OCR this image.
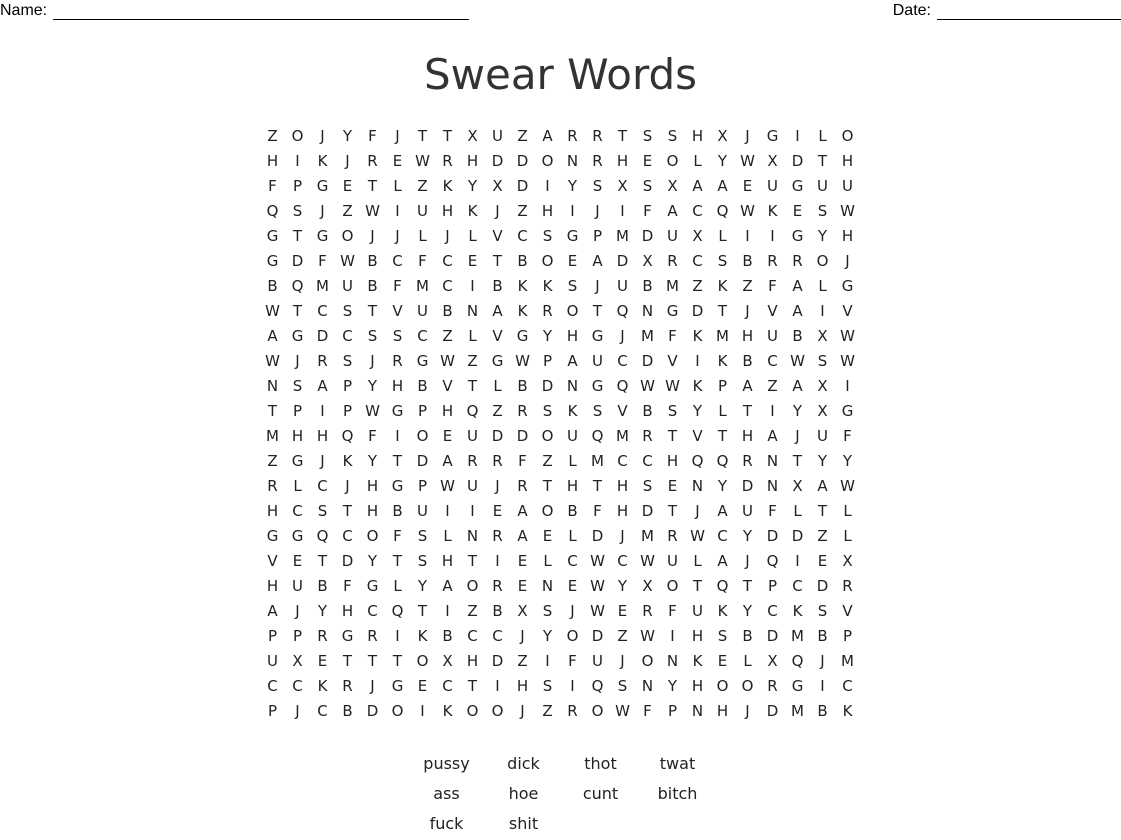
Name:	Date:
Swear Words
Z O	J	Y	F	J	T	T	X U Z A R R	T	S	S H X	J	G	I	L O
H	I	K	J	R	E W R H D D O N R H E O L	Y W X D T H
F	P G E	T	L	Z K	Y	X D	I	Y	S	X	S	X A A	E U G U U
Q S	J	Z W	I	U H K	J	Z H	I	J	I	F	A C Q W K	E	S W
G T G O	J	J	L	J	L	V C	S G P M D U X	L	I	I	G Y H
G D F W B C	F	C	E	T	B O E	A D X R C	S	B R R O	J
B Q M U B	F M C	I	B K	K	S	J	U B M Z K Z	F	A	L	G
W T	C	S	T	V U B N A K R O T Q N G D T	J	V A	I	V
A G D C	S	S C Z	L	V G Y H G	J	M F	K M H U B X W
W	J	R	S	J	R G W Z G W P	A U C D V	I	K B C W S W
N S	A	P	Y H B V	T	L	B D N G Q W W K	P	A Z A X	I
T	P	I	P W G P H Q Z R	S	K	S	V B	S	Y	L	T	I	Y	X G
M H H Q F	I	O E U D D O U Q M R	T	V	T H A	J	U	F
Z G	J	K	Y	T D A R R	F	Z	L M C C H Q Q R N T	Y	Y
R	L	C	J	H G P W U	J	R	T H T H S	E N Y D N X A W
H C	S	T H B U	I	I	E	A O B	F	H D T	J	A U	F	L	T	L
G G Q C O F	S	L	N R A	E	L	D	J	M R W C	Y D D Z	L
V	E	T D Y	T	S H T	I	E	L	C W C W U	L	A	J	Q	I	E	X
H U B	F G	L	Y	A O R	E N E W Y	X O T Q T	P	C D R
A	J	Y H C Q T	I	Z B X	S	J	W E	R	F	U K	Y	C K	S	V
P	P	R G R	I	K B C C	J	Y O D Z W	I	H S	B D M B	P
U X	E	T	T	T O X H D Z	I	F	U	J	O N K	E	L	X Q	J	M
C C K R	J	G E	C	T	I	H S	I	Q S N Y H O O R G	I	C
P	J	C B D O	I	K O O	J	Z R O W F	P N H	J	D M B K
pussy	dick	thot	twat
ass	hoe	cunt	bitch
fuck	shit
